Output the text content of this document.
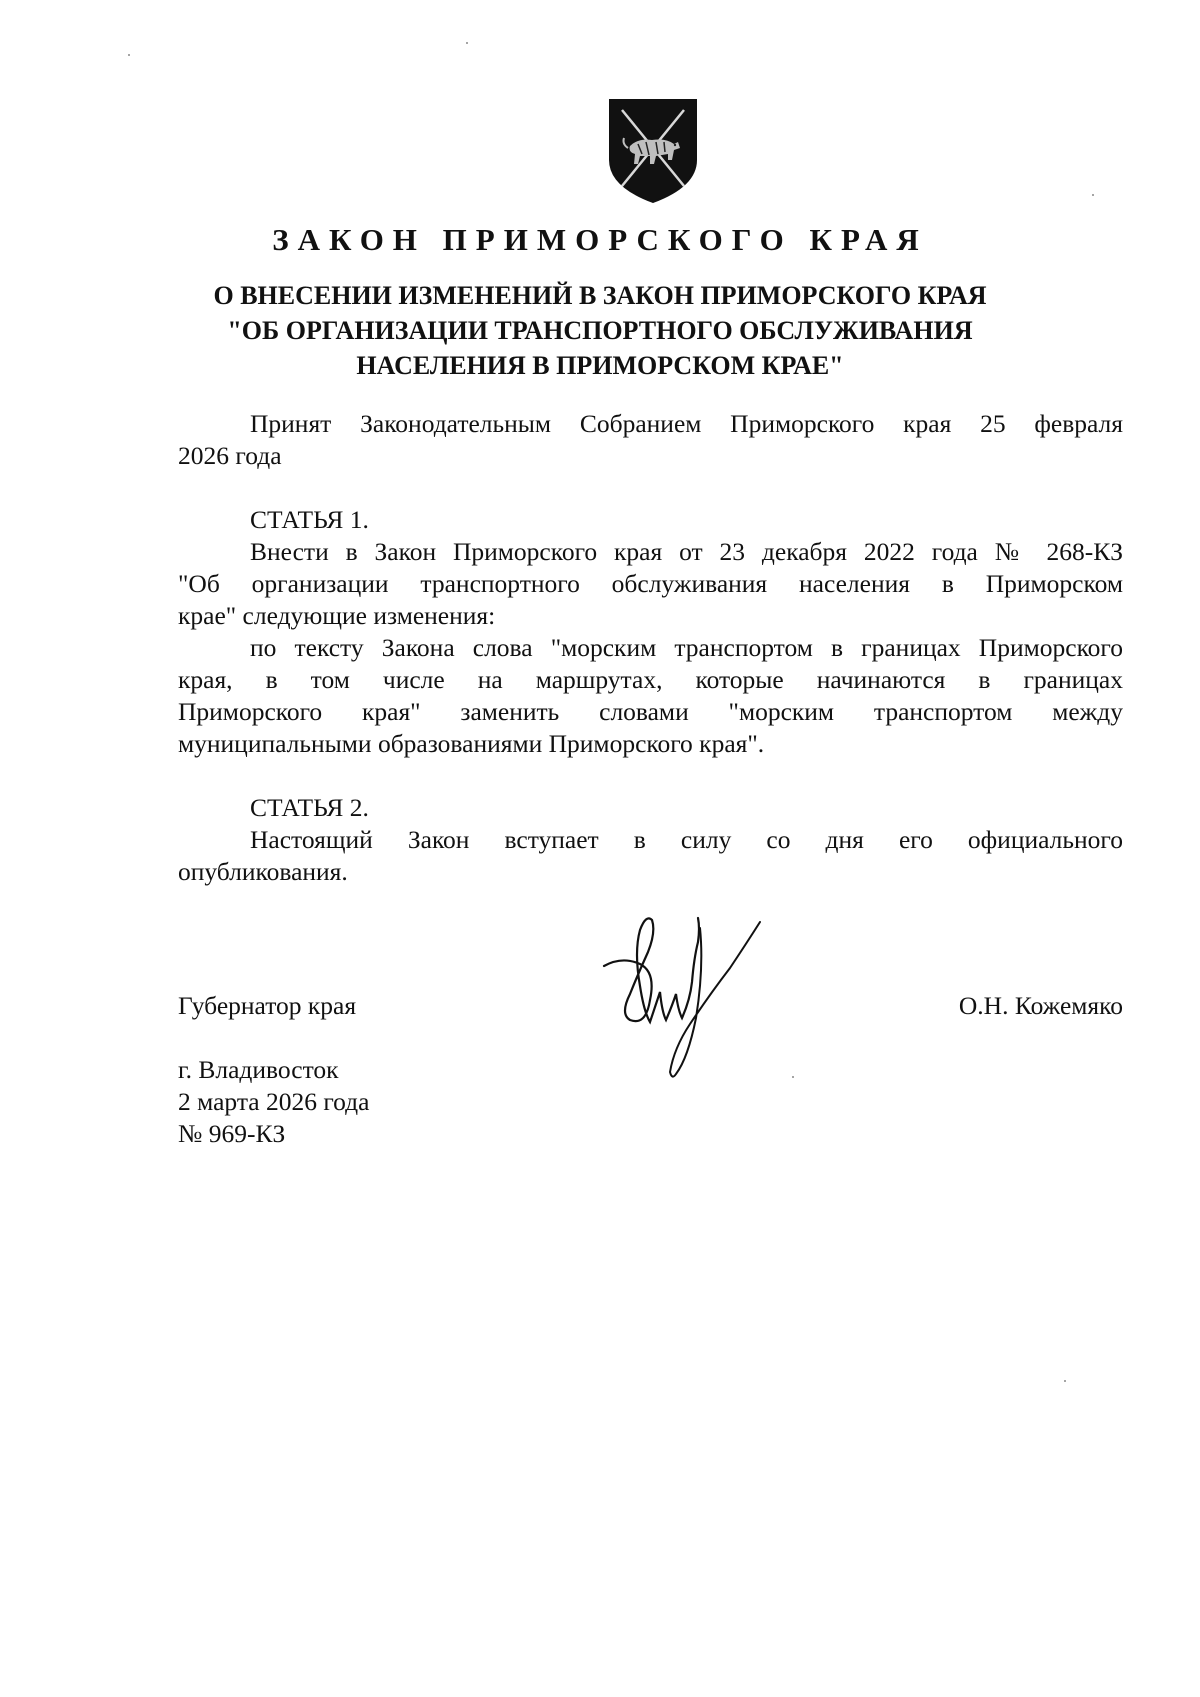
ЗАКОН ПРИМОРСКОГО КРАЯ
О ВНЕСЕНИИ ИЗМЕНЕНИЙ В ЗАКОН ПРИМОРСКОГО КРАЯ
"ОБ ОРГАНИЗАЦИИ ТРАНСПОРТНОГО ОБСЛУЖИВАНИЯ
НАСЕЛЕНИЯ В ПРИМОРСКОМ КРАЕ"
Принят Законодательным Собранием Приморского края 25 февраля
2026 года
СТАТЬЯ 1.
Внести в Закон Приморского края от 23 декабря 2022 года № 268-КЗ
"Об организации транспортного обслуживания населения в Приморском
крае" следующие изменения:
по тексту Закона слова "морским транспортом в границах Приморского
края, в том числе на маршрутах, которые начинаются в границах
Приморского края" заменить словами "морским транспортом между
муниципальными образованиями Приморского края".
СТАТЬЯ 2.
Настоящий Закон вступает в силу со дня его официального
опубликования.
Губернатор края	О.Н. Кожемяко
г. Владивосток
2 марта 2026 года
№ 969-КЗ
